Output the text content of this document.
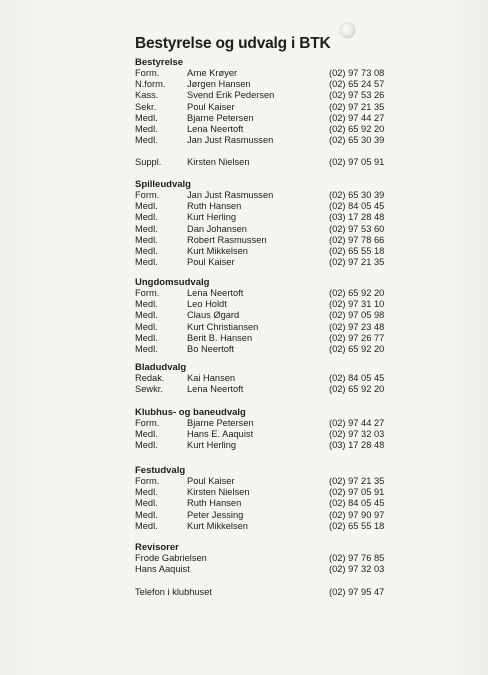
Bestyrelse og udvalg i BTK
Bestyrelse
Form.	Arne Krøyer	(02) 97 73 08
N.form. Jørgen Hansen	(02) 65 24 57
Kass.	Svend Erik Pedersen	(02) 97 53 26
Sekr.	Poul Kaiser	(02) 97 21 35
Medl.	Bjarne Petersen	(02) 97 44 27
Medl.	Lena Neertoft	(02) 65 92 20
Medl.	Jan Just Rasmussen	(02) 65 30 39
Suppl.	Kirsten Nielsen	(02) 97 05 91
Spilleudvalg
Form.	Jan Just Rasmussen	(02) 65 30 39
Medl.	Ruth Hansen	(02) 84 05 45
Medl.	Kurt Herling	(03) 17 28 48
Medl.	Dan Johansen	(02) 97 53 60
Medl.	Robert Rasmussen	(02) 97 78 66
Medl.	Kurt Mikkelsen	(02) 65 55 18
Medl.	Poul Kaiser	(02) 97 21 35
Ungdomsudvalg
Form.	Lena Neertoft	(02) 65 92 20
Medl.	Leo Holdt	(02) 97 31 10
Medl.	Claus Øgard	(02) 97 05 98
Medl.	Kurt Christiansen	(02) 97 23 48
Medl.	Berit B. Hansen	(02) 97 26 77
Medl.	Bo Neertoft	(02) 65 92 20
Bladudvalg
Redak. Kai Hansen	(02) 84 05 45
Sewkr.	Lena Neertoft	(02) 65 92 20
Klubhus- og baneudvalg
Form.	Bjarne Petersen	(02) 97 44 27
Medl.	Hans E. Aaquist	(02) 97 32 03
Medl.	Kurt Herling	(03) 17 28 48
Festudvalg
Form.	Poul Kaiser	(02) 97 21 35
Medl.	Kirsten Nielsen	(02) 97 05 91
Medl.	Ruth Hansen	(02) 84 05 45
Medl.	Peter Jessing	(02) 97 90 97
Medl.	Kurt Mikkelsen	(02) 65 55 18
Revisorer
Frode Gabrielsen	(02) 97 76 85
Hans Aaquist	(02) 97 32 03
Telefon i klubhuset	(02) 97 95 47
